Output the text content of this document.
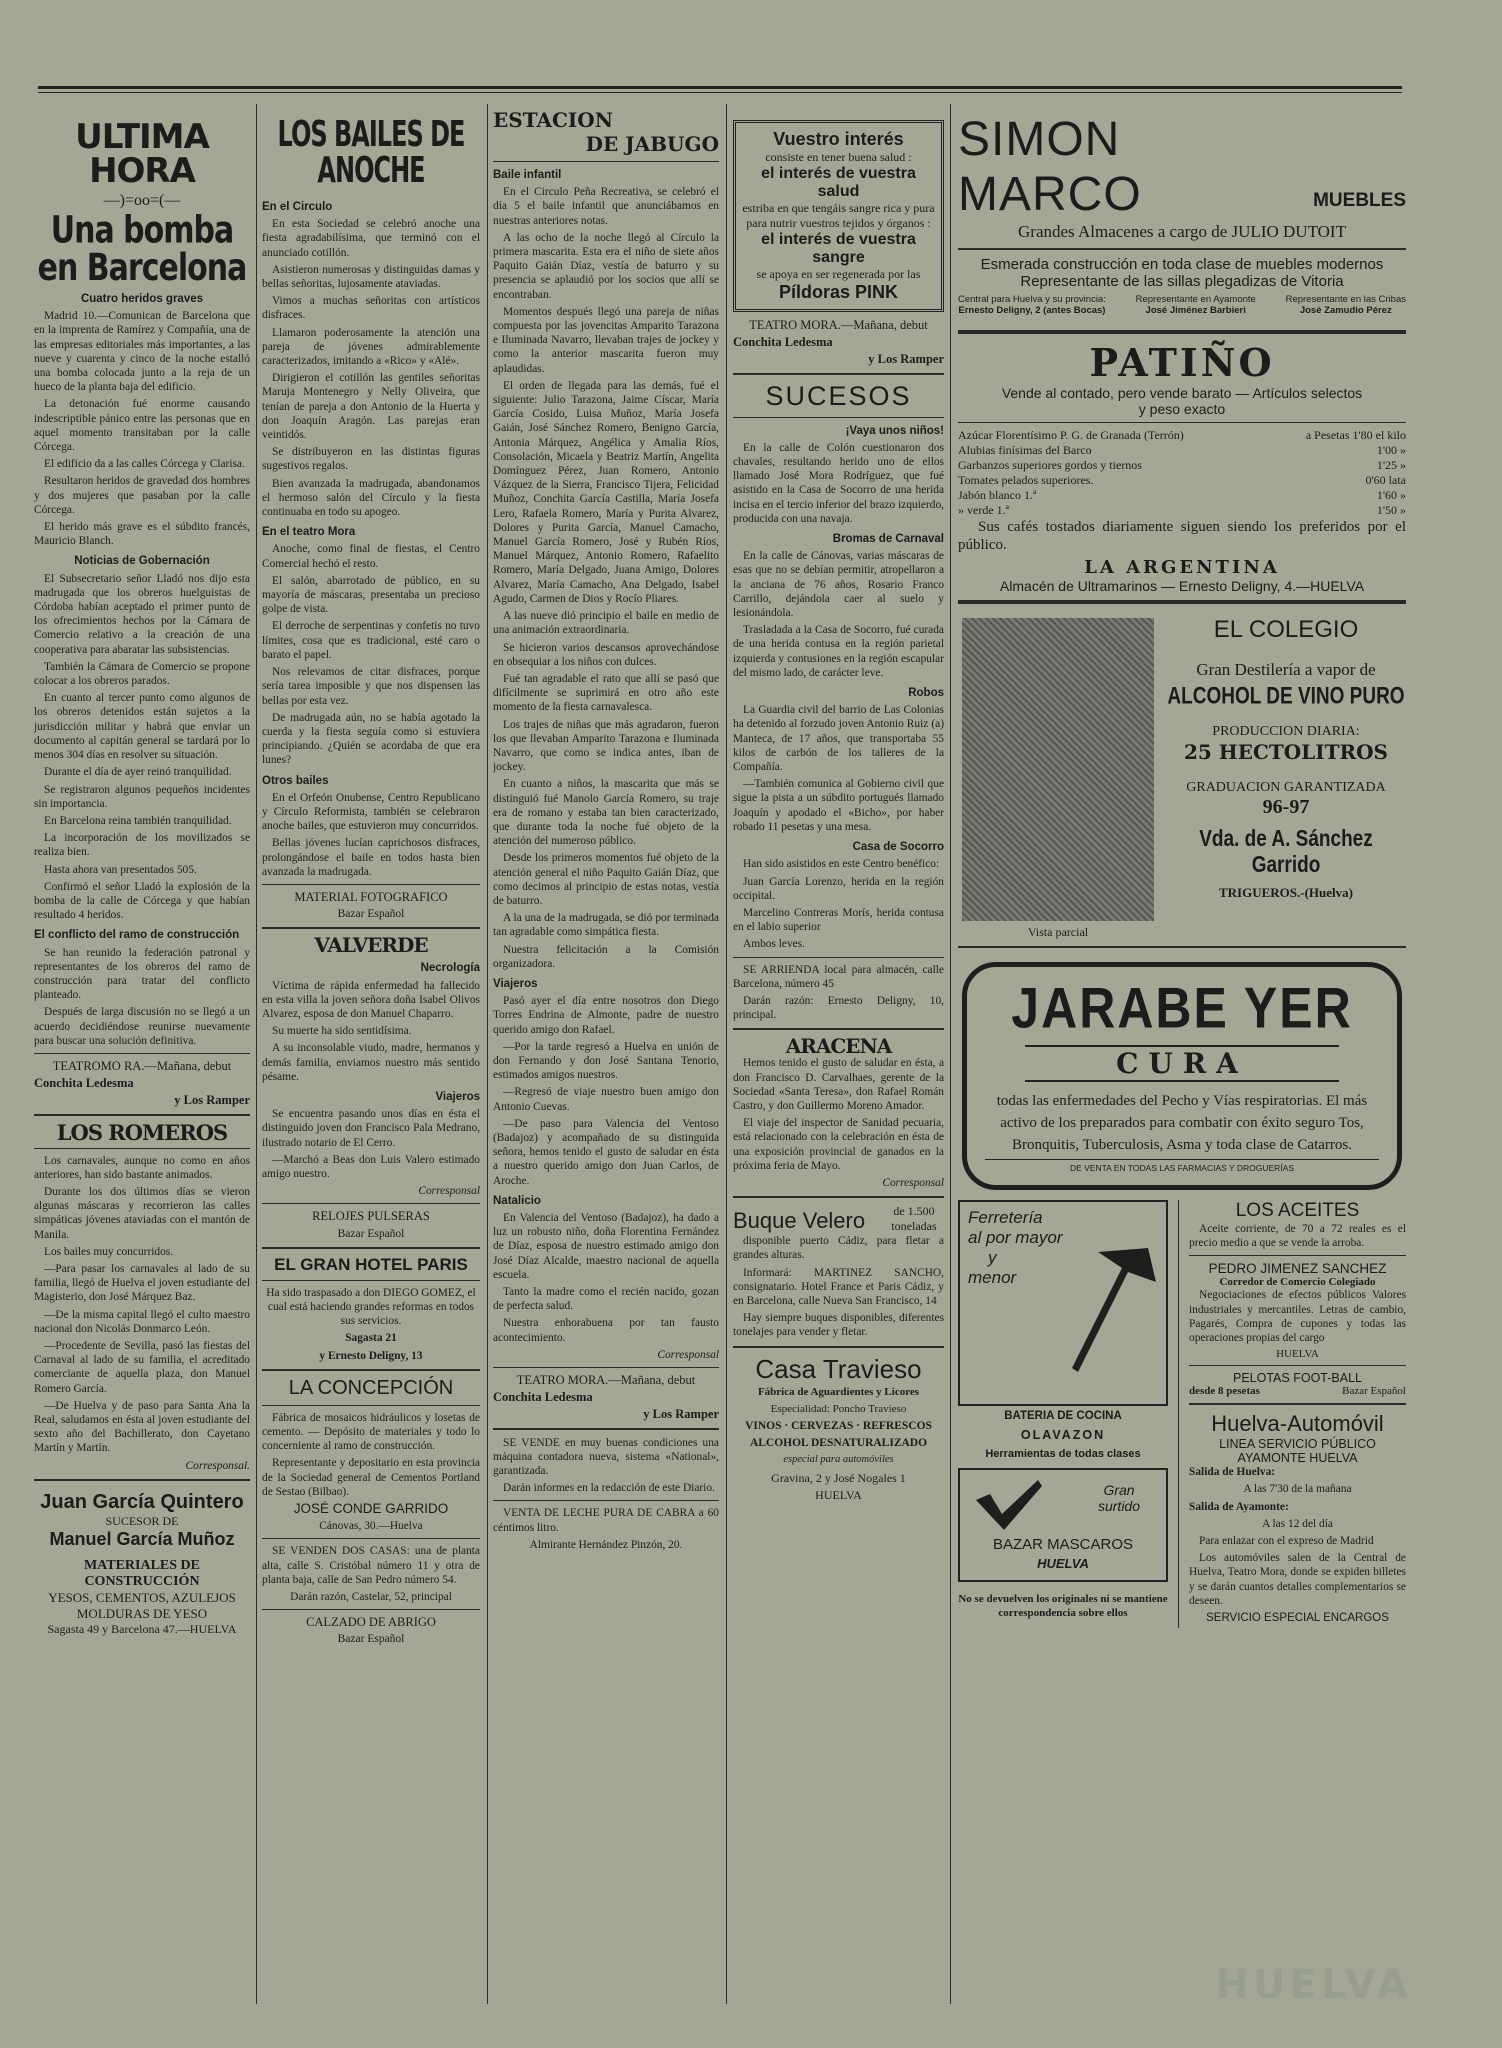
ULTIMA HORA
—)=oo=(—
Una bomba en Barcelona

Cuatro heridos graves

Madrid 10.—Comunican de Barcelona que en la imprenta de Ramírez y Compañía, una de las empresas editoriales más importantes, a las nueve y cuarenta y cinco de la noche estalló una bomba colocada junto a la reja de un hueco de la planta baja del edificio.

La detonación fué enorme causando indescriptible pánico entre las personas que en aquel momento transitaban por la calle Córcega.

El edificio da a las calles Córcega y Clarisa.

Resultaron heridos de gravedad dos hombres y dos mujeres que pasaban por la calle Córcega.

El herido más grave es el súbdito francés, Mauricio Blanch.

Noticias de Gobernación

El Subsecretario señor Lladó nos dijo esta madrugada que los obreros huelguistas de Córdoba habían aceptado el primer punto de los ofrecimientos hechos por la Cámara de Comercio relativo a la creación de una cooperativa para abaratar las subsistencias.

También la Cámara de Comercio se propone colocar a los obreros parados.

En cuanto al tercer punto como algunos de los obreros detenidos están sujetos a la jurisdicción militar y habrá que enviar un documento al capitán general se tardará por lo menos 304 días en resolver su situación.

Durante el día de ayer reinó tranquilidad.

Se registraron algunos pequeños incidentes sin importancia.

En Barcelona reina también tranquilidad.

La incorporación de los movilizados se realiza bien.

Hasta ahora van presentados 505.

Confirmó el señor Lladó la explosión de la bomba de la calle de Córcega y que habían resultado 4 heridos.

El conflicto del ramo de construcción

Se han reunido la federación patronal y representantes de los obreros del ramo de construcción para tratar del conflicto planteado.

Después de larga discusión no se llegó a un acuerdo decidiéndose reunirse nuevamente para buscar una solución definitiva.

TEATROMO RA.—Mañana, debut

Conchita Ledesma

y Los Ramper

LOS ROMEROS

Los carnavales, aunque no como en años anteriores, han sido bastante animados.

Durante los dos últimos días se vieron algunas máscaras y recorrieron las calles simpáticas jóvenes ataviadas con el mantón de Manila.

Los bailes muy concurridos.

—Para pasar los carnavales al lado de su familia, llegó de Huelva el joven estudiante del Magisterio, don José Márquez Baz.

—De la misma capital llegó el culto maestro nacional don Nicolás Donmarco León.

—Procedente de Sevilla, pasó las fiestas del Carnaval al lado de su familia, el acreditado comerciante de aquella plaza, don Manuel Romero García.

—De Huelva y de paso para Santa Ana la Real, saludamos en ésta al joven estudiante del sexto año del Bachillerato, don Cayetano Martín y Martín.

Corresponsal.

Juan García Quintero
SUCESOR DE
Manuel García Muñoz
MATERIALES DE CONSTRUCCIÓN
YESOS, CEMENTOS, AZULEJOS
MOLDURAS DE YESO
Sagasta 49 y Barcelona 47.—HUELVA
LOS BAILES DE ANOCHE

En el Circulo

En esta Sociedad se celebró anoche una fiesta agradabilísima, que terminó con el anunciado cotillón.

Asistieron numerosas y distinguidas damas y bellas señoritas, lujosamente ataviadas.

Vimos a muchas señoritas con artísticos disfraces.

Llamaron poderosamente la atención una pareja de jóvenes admirablemente caracterizados, imitando a «Rico» y «Alé».

Dirigieron el cotillón las gentiles señoritas Maruja Montenegro y Nelly Oliveira, que tenían de pareja a don Antonio de la Huerta y don Joaquín Aragón. Las parejas eran veintidós.

Se distribuyeron en las distintas figuras sugestivos regalos.

Bien avanzada la madrugada, abandonamos el hermoso salón del Círculo y la fiesta continuaba en todo su apogeo.

En el teatro Mora

Anoche, como final de fiestas, el Centro Comercial hechó el resto.

El salón, abarrotado de público, en su mayoría de máscaras, presentaba un precioso golpe de vista.

El derroche de serpentinas y confetis no tuvo límites, cosa que es tradicional, esté caro o barato el papel.

Nos relevamos de citar disfraces, porque sería tarea imposible y que nos dispensen las bellas por esta vez.

De madrugada aún, no se había agotado la cuerda y la fiesta seguía como si estuviera principiando. ¿Quién se acordaba de que era lunes?

Otros bailes

En el Orfeón Onubense, Centro Republicano y Círculo Reformista, también se celebraron anoche bailes, que estuvieron muy concurridos.

Bellas jóvenes lucían caprichosos disfraces, prolongándose el baile en todos hasta bien avanzada la madrugada.

MATERIAL FOTOGRAFICO

Bazar Español

VALVERDE

Necrología

Víctima de rápida enfermedad ha fallecido en esta villa la joven señora doña Isabel Olivos Alvarez, esposa de don Manuel Chaparro.

Su muerte ha sido sentidísima.

A su inconsolable viudo, madre, hermanos y demás familia, enviamos nuestro más sentido pésame.

Viajeros

Se encuentra pasando unos días en ésta el distinguido joven don Francisco Pala Medrano, ilustrado notario de El Cerro.

—Marchó a Beas don Luis Valero estimado amigo nuestro.

Corresponsal

RELOJES PULSERAS

Bazar Español

EL GRAN HOTEL PARIS

Ha sido traspasado a don DIEGO GOMEZ, el cual está haciendo grandes reformas en todos sus servicios.

Sagasta 21

y Ernesto Deligny, 13

LA CONCEPCIÓN

Fábrica de mosaicos hidráulicos y losetas de cemento. — Depósito de materiales y todo lo concerniente al ramo de construcción.

Representante y depositario en esta provincia de la Sociedad general de Cementos Portland de Sestao (Bilbao).

JOSÉ CONDE GARRIDO

Cánovas, 30.—Huelva

SE VENDEN DOS CASAS: una de planta alta, calle S. Cristóbal número 11 y otra de planta baja, calle de San Pedro número 54.

Darán razón, Castelar, 52, principal

CALZADO DE ABRIGO

Bazar Español

ESTACION
DE JABUGO

Baile infantil

En el Circulo Peña Recreativa, se celebró el día 5 el baile infantil que anunciábamos en nuestras anteriores notas.

A las ocho de la noche llegó al Círculo la primera mascarita. Esta era el niño de siete años Paquito Gaián Díaz, vestía de baturro y su presencia se aplaudió por los socios que allí se encontraban.

Momentos después llegó una pareja de niñas compuesta por las jovencitas Amparito Tarazona e Iluminada Navarro, llevaban trajes de jockey y como la anterior mascarita fueron muy aplaudidas.

El orden de llegada para las demás, fué el siguiente: Julio Tarazona, Jaime Císcar, María García Cosido, Luisa Muñoz, María Josefa Gaián, José Sánchez Romero, Benigno García, Antonia Márquez, Angélica y Amalia Ríos, Consolación, Micaela y Beatriz Martín, Angelita Domínguez Pérez, Juan Romero, Antonio Vázquez de la Sierra, Francisco Tijera, Felicidad Muñoz, Conchita García Castilla, María Josefa Lero, Rafaela Romero, María y Purita Alvarez, Dolores y Purita García, Manuel Camacho, Manuel García Romero, José y Rubén Ríos, Manuel Márquez, Antonio Romero, Rafaelito Romero, María Delgado, Juana Amigo, Dolores Alvarez, María Camacho, Ana Delgado, Isabel Agudo, Carmen de Dios y Rocío Pliares.

A las nueve dió principio el baile en medio de una animación extraordinaria.

Se hicieron varios descansos aprovechándose en obsequiar a los niños con dulces.

Fué tan agradable el rato que allí se pasó que difícilmente se suprimirá en otro año este momento de la fiesta carnavalesca.

Los trajes de niñas que más agradaron, fueron los que llevaban Amparito Tarazona e Iluminada Navarro, que como se indica antes, iban de jockey.

En cuanto a niños, la mascarita que más se distinguió fué Manolo García Romero, su traje era de romano y estaba tan bien caracterizado, que durante toda la noche fué objeto de la atención del numeroso público.

Desde los primeros momentos fué objeto de la atención general el niño Paquito Gaián Díaz, que como decimos al principio de estas notas, vestía de baturro.

A la una de la madrugada, se dió por terminada tan agradable como simpática fiesta.

Nuestra felicitación a la Comisión organizadora.

Viajeros

Pasó ayer el día entre nosotros don Diego Torres Endrina de Almonte, padre de nuestro querido amigo don Rafael.

—Por la tarde regresó a Huelva en unión de don Fernando y don José Santana Tenorio, estimados amigos nuestros.

—Regresó de viaje nuestro buen amigo don Antonio Cuevas.

—De paso para Valencia del Ventoso (Badajoz) y acompañado de su distinguida señora, hemos tenido el gusto de saludar en ésta a nuestro querido amigo don Juan Carlos, de Aroche.

Natalicio

En Valencia del Ventoso (Badajoz), ha dado a luz un robusto niño, doña Florentina Fernández de Díaz, esposa de nuestro estimado amigo don José Díaz Alcalde, maestro nacional de aquella escuela.

Tanto la madre como el recién nacido, gozan de perfecta salud.

Nuestra enhorabuena por tan fausto acontecimiento.

Corresponsal

TEATRO MORA.—Mañana, debut

Conchita Ledesma

y Los Ramper

SE VENDE en muy buenas condiciones una máquina contadora nueva, sistema «National», garantizada.

Darán informes en la redacción de este Diario.

VENTA DE LECHE PURA DE CABRA a 60 céntimos litro.

Almirante Hernández Pinzón, 20.

Vuestro interés
consiste en tener buena salud :
el interés de vuestra salud
estriba en que tengáis sangre rica y pura para nutrir vuestros tejidos y órganos :
el interés de vuestra sangre
se apoya en ser regenerada por las
Píldoras PINK

TEATRO MORA.—Mañana, debut

Conchita Ledesma

y Los Ramper

SUCESOS

¡Vaya unos niños!

En la calle de Colón cuestionaron dos chavales, resultando herido uno de ellos llamado José Mora Rodríguez, que fué asistido en la Casa de Socorro de una herida incisa en el tercio inferior del brazo izquierdo, producida con una navaja.

Bromas de Carnaval

En la calle de Cánovas, varias máscaras de esas que no se debían permitir, atropellaron a la anciana de 76 años, Rosario Franco Carrillo, dejándola caer al suelo y lesionándola.

Trasladada a la Casa de Socorro, fué curada de una herida contusa en la región parietal izquierda y contusiones en la región escapular del mismo lado, de carácter leve.

Robos

La Guardia civil del barrio de Las Colonias ha detenido al forzudo joven Antonio Ruiz (a) Manteca, de 17 años, que transportaba 55 kilos de carbón de los talleres de la Compañía.

—También comunica al Gobierno civil que sigue la pista a un súbdito portugués llamado Joaquín y apodado el «Bicho», por haber robado 11 pesetas y una mesa.

Casa de Socorro

Han sido asistidos en este Centro benéfico:

Juan García Lorenzo, herida en la región occipital.

Marcelino Contreras Morís, herida contusa en el labio superior

Ambos leves.

SE ARRIENDA local para almacén, calle Barcelona, número 45

Darán razón: Ernesto Deligny, 10, principal.

ARACENA

Hemos tenido el gusto de saludar en ésta, a don Francisco D. Carvalhaes, gerente de la Sociedad «Santa Teresa», don Rafael Román Castro, y don Guillermo Moreno Amador.

El viaje del inspector de Sanidad pecuaria, está relacionado con la celebración en ésta de una exposición provincial de ganados en la próxima feria de Mayo.

Corresponsal

Buque Velero	de 1.500 toneladas

disponible puerto Cádiz, para fletar a grandes alturas.

Informará: MARTINEZ SANCHO, consignatario. Hotel France et Paris Cádiz, y en Barcelona, calle Nueva San Francisco, 14

Hay siempre buques disponibles, diferentes tonelajes para vender y fletar.

Casa Travieso

Fábrica de Aguardientes y Licores

Especialidad: Poncho Travieso

VINOS · CERVEZAS · REFRESCOS

ALCOHOL DESNATURALIZADO

especial para automóviles

Gravina, 2 y José Nogales 1

HUELVA

SIMON MARCO	MUEBLES
Grandes Almacenes a cargo de JULIO DUTOIT
Esmerada construcción en toda clase de muebles modernos
Representante de las sillas plegadizas de Vitoria
Central para Huelva y su provincia:
Ernesto Deligny, 2 (antes Bocas)
Representante en Ayamonte
José Jiménez Barbieri
Representante en las Cribas
José Zamudio Pérez
PATIÑO
Vende al contado, pero vende barato — Artículos selectos
y peso exacto
Azúcar Florentísimo P. G. de Granada (Terrón)	a Pesetas 1'80 el kilo
Alubias finísimas del Barco	1'00 »
Garbanzos superiores gordos y tiernos	1'25 »
Tomates pelados superiores.	0'60 lata
Jabón blanco 1.ª	1'60 »
» verde 1.ª	1'50 »

Sus cafés tostados diariamente siguen siendo los preferidos por el público.

LA ARGENTINA
Almacén de Ultramarinos — Ernesto Deligny, 4.—HUELVA
Vista parcial
EL COLEGIO
Gran Destilería a vapor de
ALCOHOL DE VINO PURO
PRODUCCION DIARIA:
25 HECTOLITROS
GRADUACION GARANTIZADA
96-97
Vda. de A. Sánchez Garrido
TRIGUEROS.-(Huelva)
JARABE YER
CURA

todas las enfermedades del Pecho y Vías respiratorias. El más activo de los preparados para combatir con éxito seguro Tos, Bronquitis, Tuberculosis, Asma y toda clase de Catarros.

DE VENTA EN TODAS LAS FARMACIAS Y DROGUERÍAS
Ferretería
al por mayor
y
menor
BATERIA DE COCINA
OLAVAZON
Herramientas de todas clases
Gran surtido
BAZAR MASCAROS
HUELVA

No se devuelven los originales ni se mantiene correspondencia sobre ellos

LOS ACEITES

Aceite corriente, de 70 a 72 reales es el precio medio a que se vende la arroba.

PEDRO JIMENEZ SANCHEZ
Corredor de Comercio Colegiado

Negociaciones de efectos públicos Valores industriales y mercantiles. Letras de cambio, Pagarés, Compra de cupones y todas las operaciones propias del cargo

HUELVA
PELOTAS FOOT-BALL
desde 8 pesetas	Bazar Español
Huelva-Automóvil
LINEA SERVICIO PÚBLICO
AYAMONTE HUELVA

Salida de Huelva:

A las 7'30 de la mañana

Salida de Ayamonte:

A las 12 del día

Para enlazar con el expreso de Madrid

Los automóviles salen de la Central de Huelva, Teatro Mora, donde se expiden billetes y se darán cuantos detalles complementarios se deseen.

SERVICIO ESPECIAL ENCARGOS

HUELVA
